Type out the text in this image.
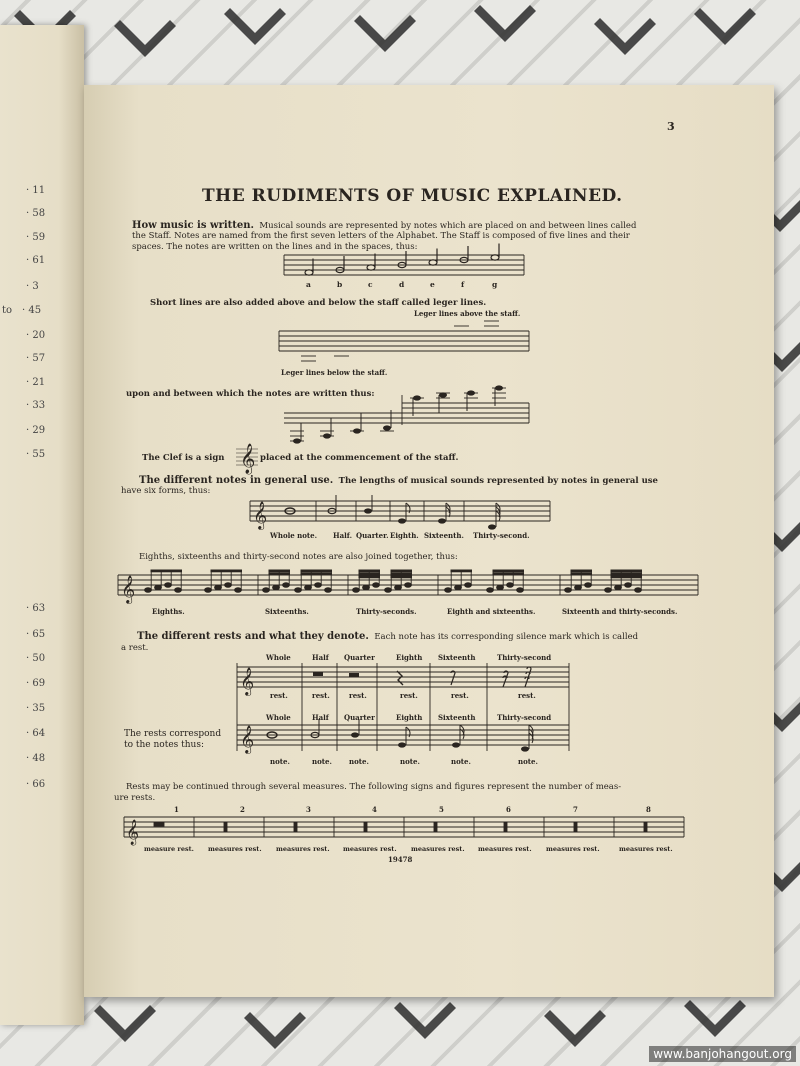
· 11
· 58
· 59
· 61
· 3
· 45
· 20
· 57
· 21
· 33
· 29
· 55
· 63
· 65
· 50
· 69
· 35
· 64
· 48
· 66
to
3
THE RUDIMENTS OF MUSIC EXPLAINED.
How music is written. Musical sounds are represented by notes which are placed on and between lines called
the Staff. Notes are named from the first seven letters of the Alphabet. The Staff is composed of five lines and their
spaces. The notes are written on the lines and in the spaces, thus:
a	b	c	d	e	f	g
Short lines are also added above and below the staff called leger lines.
Leger lines above the staff.
Leger lines below the staff.
upon and between which the notes are written thus:
The Clef is a sign 𝄞 placed at the commencement of the staff.
The different notes in general use. The lengths of musical sounds represented by notes in general use
have six forms, thus:
𝄞
Whole note. Half. Quarter. Eighth. Sixteenth. Thirty-second.
Eighths, sixteenths and thirty-second notes are also joined together, thus:
𝄞
Eighths.	Sixteenths.	Thirty-seconds.	Eighth and sixteenths.	Sixteenth and thirty-seconds.
The different rests and what they denote. Each note has its corresponding silence mark which is called
a rest.
Whole	Half Quarter	Eighth Sixteenth	Thirty-second
Whole	Half Quarter	Eighth Sixteenth	Thirty-second
𝄞
𝄞
rest.	rest.	rest.	rest.	rest.	rest.
note.	note. note.	note.	note.	note.
The rests correspond
to the notes thus:
Rests may be continued through several measures. The following signs and figures represent the number of meas-
ure rests.
1	2	3	4	5	6	7	8
𝄞
measure rest. measures rest. measures rest. measures rest. measures rest. measures rest. measures rest.	measures rest.
19478
www.banjohangout.org
